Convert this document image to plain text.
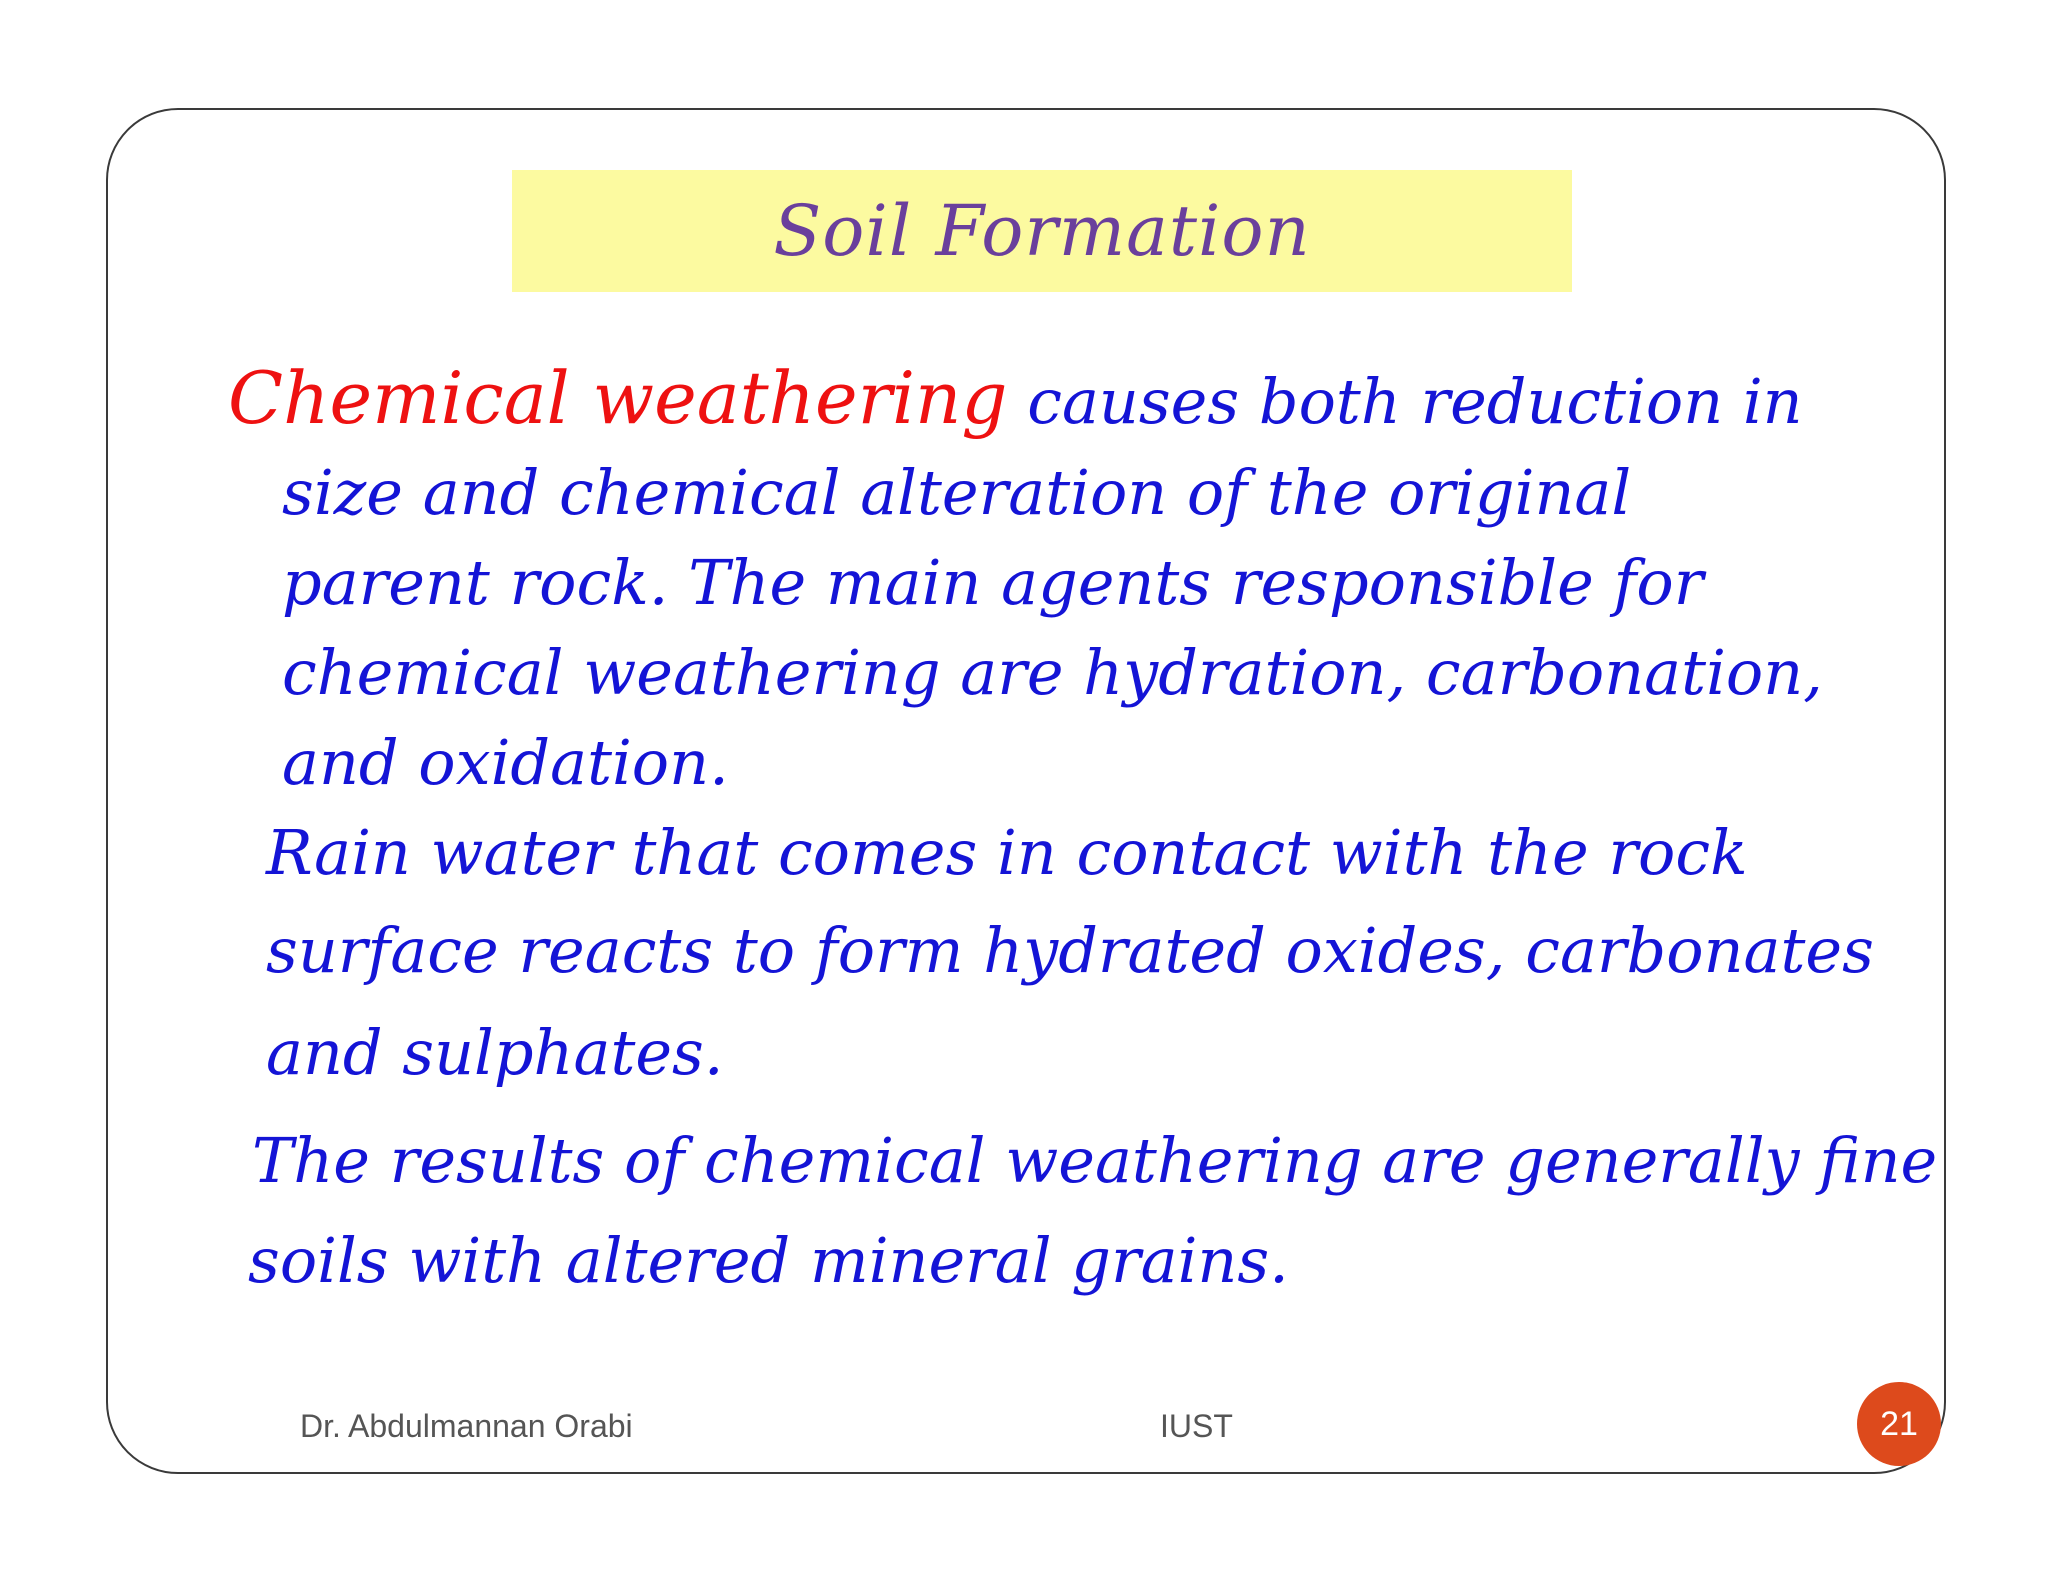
Soil Formation
Chemical weathering causes both reduction in
size and chemical alteration of the original
parent rock. The main agents responsible for
chemical weathering are hydration, carbonation,
and oxidation.
Rain water that comes in contact with the rock
surface reacts to form hydrated oxides, carbonates
and sulphates.
The results of chemical weathering are generally fine
soils with altered mineral grains.
Dr. Abdulmannan Orabi	IUST	21
